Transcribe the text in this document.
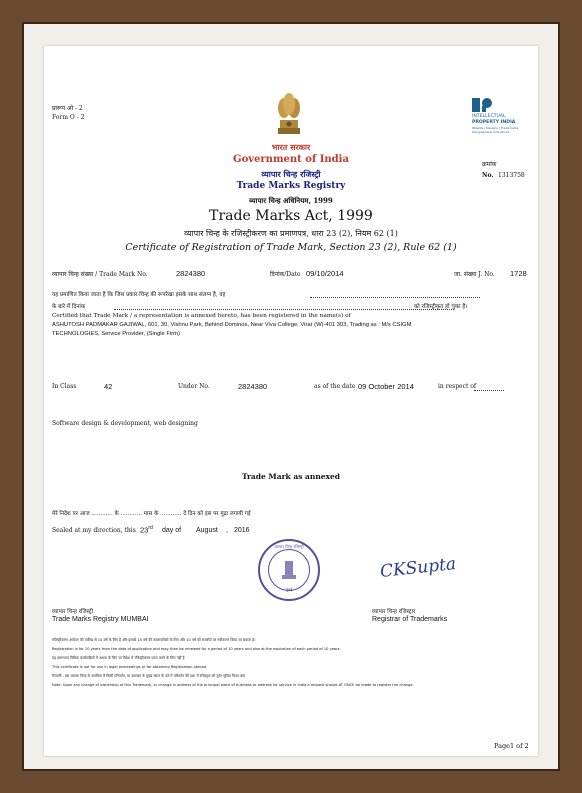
प्रारूप ओ - 2
Form O - 2
भारत सरकार
Government of India
व्यापार चिन्ह रजिस्ट्री
Trade Marks Registry
व्यापार चिन्ह अधिनियम, 1999
Trade Marks Act, 1999
व्यापार चिन्ह के रजिस्ट्रीकरण का प्रमाणपत्र, धारा 23 (2), नियम 62 (1)
Certificate of Registration of Trade Mark, Section 23 (2), Rule 62 (1)
INTELLECTUAL
PROPERTY INDIA
Patents | Designs | Trademarks
Geographical Indications
क्रमांक
No. 1313758
व्यापार चिन्ह संख्या / Trade Mark No.	2824380	दिनांक/Date 09/10/2014	जा. संख्या J. No. 1728
यह प्रमाणित किया जाता है कि जिस प्रकार चिन्ह की रूपरेखा इसके साथ संलग्न है, वह
के बारे में दिनांक	को रजिस्ट्रीकृत हो चुका है।
Certified that Trade Mark / a representation is annexed hereto, has been registered in the name(s) of
ASHUTOSH PADMAKAR GAJIWAL, 601, 30, Vishnu Park, Behind Dominos, Near Viva College, Virar (W)-401 303, Trading as : M/s CSIGM
TECHNOLOGIES, Service Provider, (Single Firm)
In Class	42	Under No.	2824380	as of the date 09 October 2014	in respect of
Software design & development, web designing
Trade Mark as annexed
मेरे निदेश पर आज ............ के ............ मास के ............ दे दिन को इस पर मुद्रा लगायी गई
Sealed at my direction, this 23rd day of August , 2016
व्यापार चिन्ह रजिस्ट्री
मुंबई
CKSupta
व्यापार चिन्ह रजिस्ट्री
Trade Marks Registry MUMBAI
व्यापार चिन्ह रजिस्ट्रार
Registrar of Trademarks
रजिस्ट्रीकरण आवेदन की तारीख से 10 वर्ष के लिए है और इसको 10 वर्ष की कालावधियों के लिए और 10 वर्ष की समाप्ति पर नवीकरण किया जा सकता है।
Registration is for 10 years from the date of application and may then be renewed for a period of 10 years and also at the expiration of each period of 10 years.
यह प्रमाणपत्र विधिक कार्यवाहियों में अथवा के लिए या विदेश में रजिस्ट्रीकरण प्राप्त करने के लिए नहीं है
This certificate is not for use in legal proceedings or for obtaining Registration abroad.
टिप्पणी - इस व्यापार चिन्ह के स्वामित्व में किसी परिवर्तन, या कारबार के मुख्य स्थान के पते में परिवर्तन की दशा में रजिस्ट्रार को तुरंत सूचित किया जाए
Note: Upon any change of ownership of this Trademark, or change in address of the principal place of business or address for service in India a request should AT ONCE be made to register the change.
Page1 of 2
